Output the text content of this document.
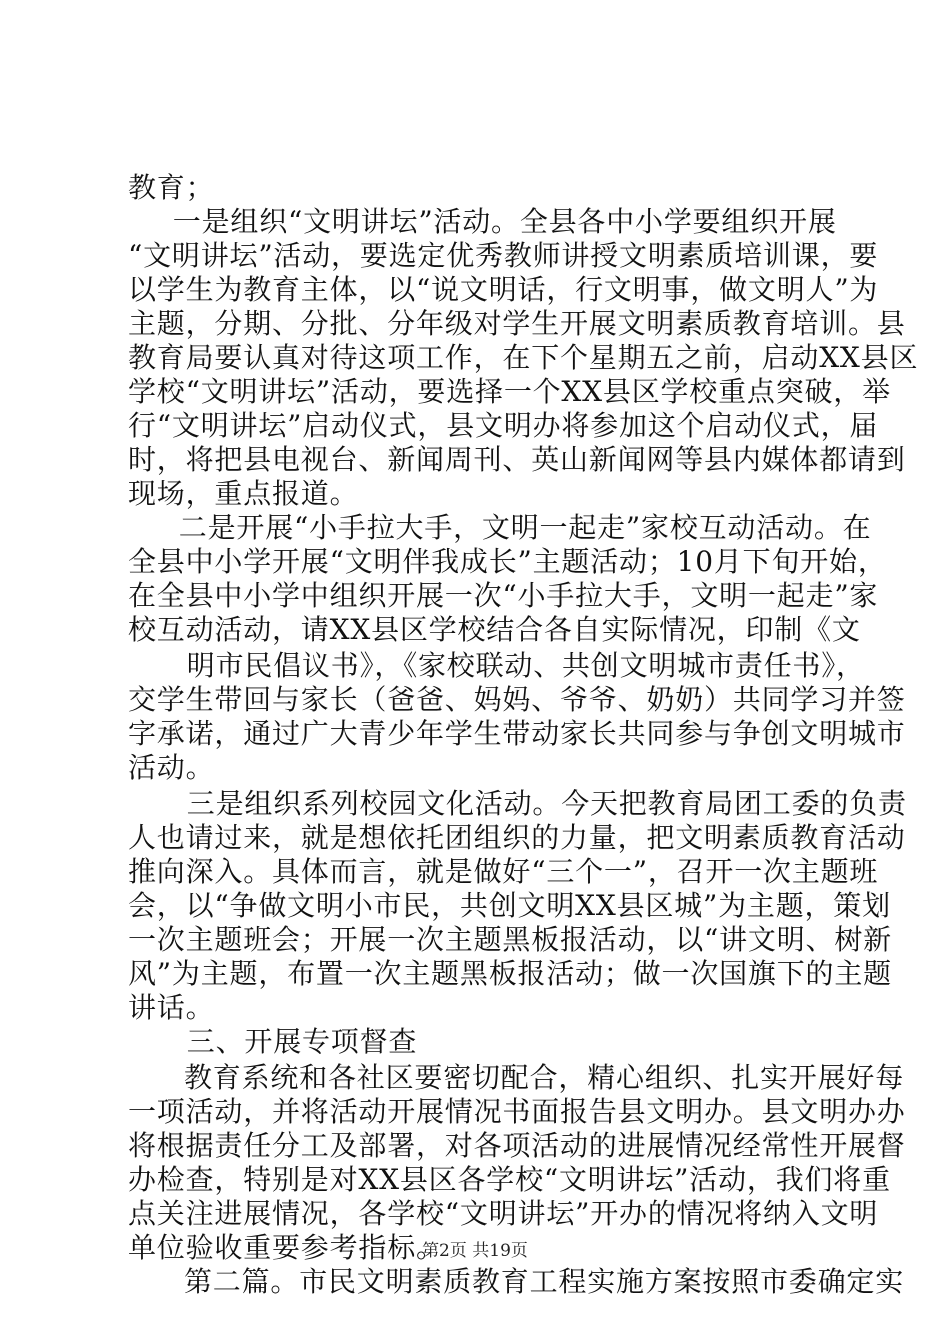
教育；
　一是组织“文明讲坛”活动。全县各中小学要组织开展
“文明讲坛”活动，要选定优秀教师讲授文明素质培训课，要
以学生为教育主体，以“说文明话，行文明事，做文明人”为
主题，分期、分批、分年级对学生开展文明素质教育培训。县
教育局要认真对待这项工作，在下个星期五之前，启动XX县区
学校“文明讲坛”活动，要选择一个XX县区学校重点突破，举
行“文明讲坛”启动仪式，县文明办将参加这个启动仪式，届
时，将把县电视台、新闻周刊、英山新闻网等县内媒体都请到
现场，重点报道。
　二是开展“小手拉大手，文明一起走”家校互动活动。在
全县中小学开展“文明伴我成长”主题活动；10月下旬开始，
在全县中小学中组织开展一次“小手拉大手，文明一起走”家
校互动活动，请XX县区学校结合各自实际情况，印制《文
　明市民倡议书》，《家校联动、共创文明城市责任书》，
交学生带回与家长（爸爸、妈妈、爷爷、奶奶）共同学习并签
字承诺，通过广大青少年学生带动家长共同参与争创文明城市
活动。
　三是组织系列校园文化活动。今天把教育局团工委的负责
人也请过来，就是想依托团组织的力量，把文明素质教育活动
推向深入。具体而言，就是做好“三个一”，召开一次主题班
会，以“争做文明小市民，共创文明XX县区城”为主题，策划
一次主题班会；开展一次主题黑板报活动，以“讲文明、树新
风”为主题，布置一次主题黑板报活动；做一次国旗下的主题
讲话。
　三、开展专项督查
教育系统和各社区要密切配合，精心组织、扎实开展好每
一项活动，并将活动开展情况书面报告县文明办。县文明办办
将根据责任分工及部署，对各项活动的进展情况经常性开展督
办检查，特别是对XX县区各学校“文明讲坛”活动，我们将重
点关注进展情况，各学校“文明讲坛”开办的情况将纳入文明
单位验收重要参考指标。
第二篇。市民文明素质教育工程实施方案按照市委确定实
第2页 共19页
